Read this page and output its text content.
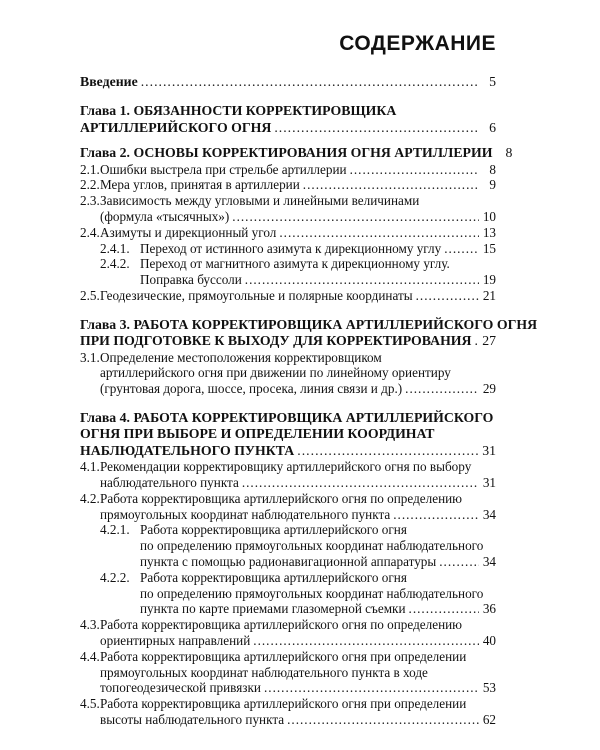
СОДЕРЖАНИЕ
Введение .....	5
Глава 1. ОБЯЗАННОСТИ КОРРЕКТИРОВЩИКА
АРТИЛЛЕРИЙСКОГО ОГНЯ .....	6
Глава 2. ОСНОВЫ КОРРЕКТИРОВАНИЯ ОГНЯ АРТИЛЛЕРИИ 8
2.1. Ошибки выстрела при стрельбе артиллерии .....	8
2.2. Мера углов, принятая в артиллерии .....	9
2.3. Зависимость между угловыми и линейными величинами
(формула «тысячных») .....	10
2.4. Азимуты и дирекционный угол .....	13
2.4.1. Переход от истинного азимута к дирекционному углу .....	15
2.4.2. Переход от магнитного азимута к дирекционному углу.
Поправка буссоли .....	19
2.5. Геодезические, прямоугольные и полярные координаты .....	21
Глава 3. РАБОТА КОРРЕКТИРОВЩИКА АРТИЛЛЕРИЙСКОГО ОГНЯ
ПРИ ПОДГОТОВКЕ К ВЫХОДУ ДЛЯ КОРРЕКТИРОВАНИЯ ..... 27
3.1. Определение местоположения корректировщиком
артиллерийского огня при движении по линейному ориентиру
(грунтовая дорога, шоссе, просека, линия связи и др.) .....	29
Глава 4. РАБОТА КОРРЕКТИРОВЩИКА АРТИЛЛЕРИЙСКОГО
ОГНЯ ПРИ ВЫБОРЕ И ОПРЕДЕЛЕНИИ КООРДИНАТ
НАБЛЮДАТЕЛЬНОГО ПУНКТА .....	31
4.1. Рекомендации корректировщику артиллерийского огня по выбору
наблюдательного пункта .....	31
4.2. Работа корректировщика артиллерийского огня по определению
прямоугольных координат наблюдательного пункта .....	34
4.2.1. Работа корректировщика артиллерийского огня
по определению прямоугольных координат наблюдательного
пункта с помощью радионавигационной аппаратуры .....	34
4.2.2. Работа корректировщика артиллерийского огня
по определению прямоугольных координат наблюдательного
пункта по карте приемами глазомерной съемки .....	36
4.3. Работа корректировщика артиллерийского огня по определению
ориентирных направлений .....	40
4.4. Работа корректировщика артиллерийского огня при определении
прямоугольных координат наблюдательного пункта в ходе
топогеодезической привязки .....	53
4.5. Работа корректировщика артиллерийского огня при определении
высоты наблюдательного пункта .....	62
